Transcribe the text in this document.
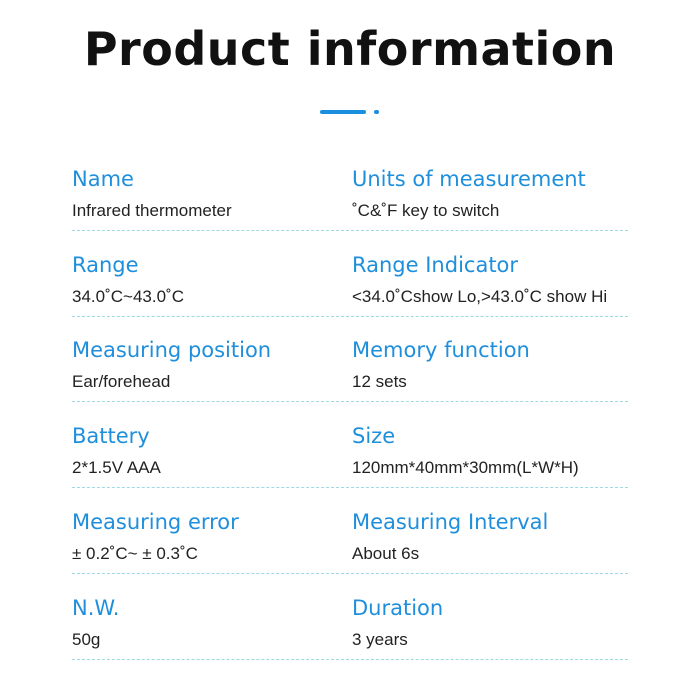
Product information
Name
Infrared thermometer
Units of measurement
˚C&˚F key to switch
Range
34.0˚C~43.0˚C
Range Indicator
<34.0˚Cshow Lo,>43.0˚C show Hi
Measuring position
Ear/forehead
Memory function
12 sets
Battery
2*1.5V AAA
Size
120mm*40mm*30mm(L*W*H)
Measuring error
± 0.2˚C~ ± 0.3˚C
Measuring Interval
About 6s
N.W.
50g
Duration
3 years
